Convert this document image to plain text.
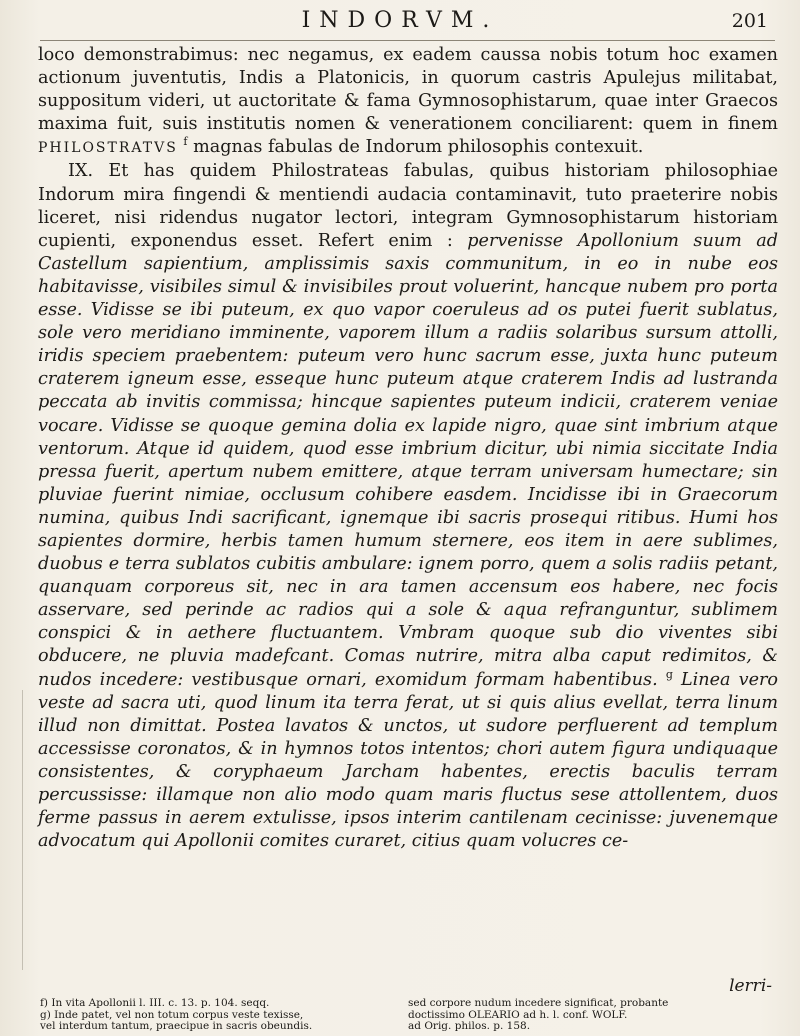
INDORVM.	201

loco demonstrabimus: nec negamus, ex eadem caussa nobis totum hoc examen actionum juventutis, Indis a Platonicis, in quorum castris Apulejus militabat, suppositum videri, ut auctoritate & fama Gymnosophistarum, quae inter Graecos maxima fuit, suis institutis nomen & venerationem conciliarent: quem in finem PHILOSTRATVS $^f$ magnas fabulas de Indorum philosophis contexuit.

IX. Et has quidem Philostrateas fabulas, quibus historiam philosophiae Indorum mira fingendi & mentiendi audacia contaminavit, tuto praeterire nobis liceret, nisi ridendus nugator lectori, integram Gymnosophistarum historiam cupienti, exponendus esset. Refert enim : pervenisse Apollonium suum ad Castellum sapientium, amplissimis saxis communitum, in eo in nube eos habitavisse, visibiles simul & invisibiles prout voluerint, hancque nubem pro porta esse. Vidisse se ibi puteum, ex quo vapor coeruleus ad os putei fuerit sublatus, sole vero meridiano imminente, vaporem illum a radiis solaribus sursum attolli, iridis speciem praebentem: puteum vero hunc sacrum esse, juxta hunc puteum craterem igneum esse, esseque hunc puteum atque craterem Indis ad lustranda peccata ab invitis commissa; hincque sapientes puteum indicii, craterem veniae vocare. Vidisse se quoque gemina dolia ex lapide nigro, quae sint imbrium atque ventorum. Atque id quidem, quod esse imbrium dicitur, ubi nimia siccitate India pressa fuerit, apertum nubem emittere, atque terram universam humectare; sin pluviae fuerint nimiae, occlusum cohibere easdem. Incidisse ibi in Graecorum numina, quibus Indi sacrificant, ignemque ibi sacris prosequi ritibus. Humi hos sapientes dormire, herbis tamen humum sternere, eos item in aere sublimes, duobus e terra sublatos cubitis ambulare: ignem porro, quem a solis radiis petant, quanquam corporeus sit, nec in ara tamen accensum eos habere, nec focis asservare, sed perinde ac radios qui a sole & aqua refranguntur, sublimem conspici & in aethere fluctuantem. Vmbram quoque sub dio viventes sibi obducere, ne pluvia madefcant. Comas nutrire, mitra alba caput redimitos, & nudos incedere: vestibusque ornari, exomidum formam habentibus. $^g$ Linea vero veste ad sacra uti, quod linum ita terra ferat, ut si quis alius evellat, terra linum illud non dimittat. Postea lavatos & unctos, ut sudore perfluerent ad templum accessisse coronatos, & in hymnos totos intentos; chori autem figura undiquaque consistentes, & coryphaeum Jarcham habentes, erectis baculis terram percussisse: illamque non alio modo quam maris fluctus sese attollentem, duos ferme passus in aerem extulisse, ipsos interim cantilenam cecinisse: juvenemque advocatum qui Apollonii comites curaret, citius quam volucres ce-

lerri-
f) In vita Apollonii l. III. c. 13. p. 104. seqq.	sed corpore nudum incedere significat, probante
g) Inde patet, vel non totum corpus veste texisse,	doctissimo OLEARIO ad h. l. conf. WOLF.
vel interdum tantum, praecipue in sacris obeundis.	ad Orig. philos. p. 158.
